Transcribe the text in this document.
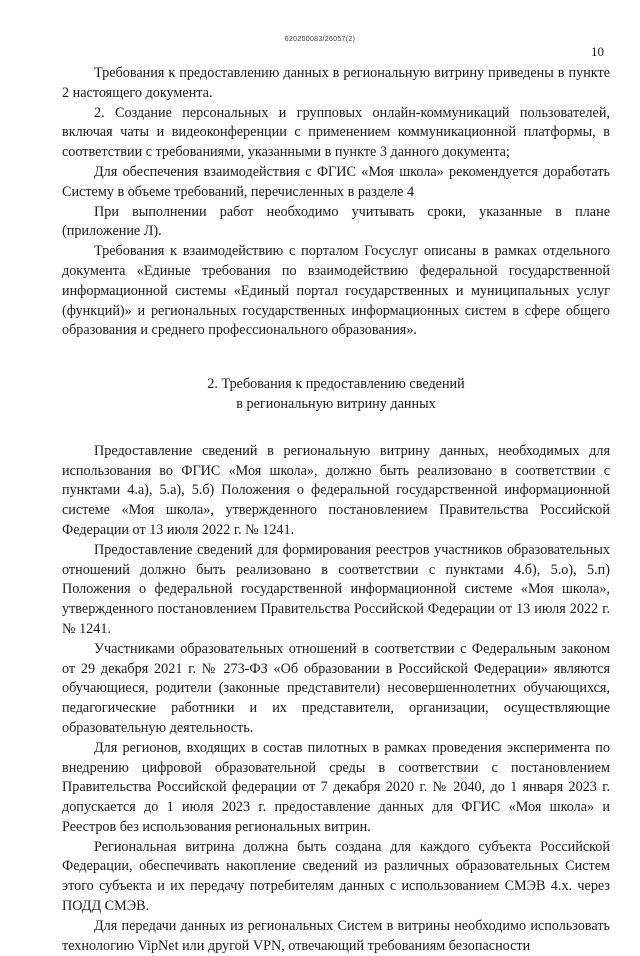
620200083/26057(2)
10

Требования к предоставлению данных в региональную витрину приведены в пункте 2 настоящего документа.

2. Создание персональных и групповых онлайн-коммуникаций пользователей, включая чаты и видеоконференции с применением коммуникационной платформы, в соответствии с требованиями, указанными в пункте 3 данного документа;

Для обеспечения взаимодействия с ФГИС «Моя школа» рекомендуется доработать Систему в объеме требований, перечисленных в разделе 4

При выполнении работ необходимо учитывать сроки, указанные в плане (приложение Л).

Требования к взаимодействию с порталом Госуслуг описаны в рамках отдельного документа «Единые требования по взаимодействию федеральной государственной информационной системы «Единый портал государственных и муниципальных услуг (функций)» и региональных государственных информационных систем в сфере общего образования и среднего профессионального образования».

2. Требования к предоставлению сведений
в региональную витрину данных

Предоставление сведений в региональную витрину данных, необходимых для использования во ФГИС «Моя школа», должно быть реализовано в соответствии с пунктами 4.а), 5.а), 5.б) Положения о федеральной государственной информационной системе «Моя школа», утвержденного постановлением Правительства Российской Федерации от 13 июля 2022 г. № 1241.

Предоставление сведений для формирования реестров участников образовательных отношений должно быть реализовано в соответствии с пунктами 4.б), 5.о), 5.п) Положения о федеральной государственной информационной системе «Моя школа», утвержденного постановлением Правительства Российской Федерации от 13 июля 2022 г. № 1241.

Участниками образовательных отношений в соответствии с Федеральным законом от 29 декабря 2021 г. № 273-ФЗ «Об образовании в Российской Федерации» являются обучающиеся, родители (законные представители) несовершеннолетних обучающихся, педагогические работники и их представители, организации, осуществляющие образовательную деятельность.

Для регионов, входящих в состав пилотных в рамках проведения эксперимента по внедрению цифровой образовательной среды в соответствии с постановлением Правительства Российской федерации от 7 декабря 2020 г. № 2040, до 1 января 2023 г. допускается до 1 июля 2023 г. предоставление данных для ФГИС «Моя школа» и Реестров без использования региональных витрин.

Региональная витрина должна быть создана для каждого субъекта Российской Федерации, обеспечивать накопление сведений из различных образовательных Систем этого субъекта и их передачу потребителям данных с использованием СМЭВ 4.х. через ПОДД СМЭВ.

Для передачи данных из региональных Систем в витрины необходимо использовать технологию VipNet или другой VPN, отвечающий требованиям безопасности
